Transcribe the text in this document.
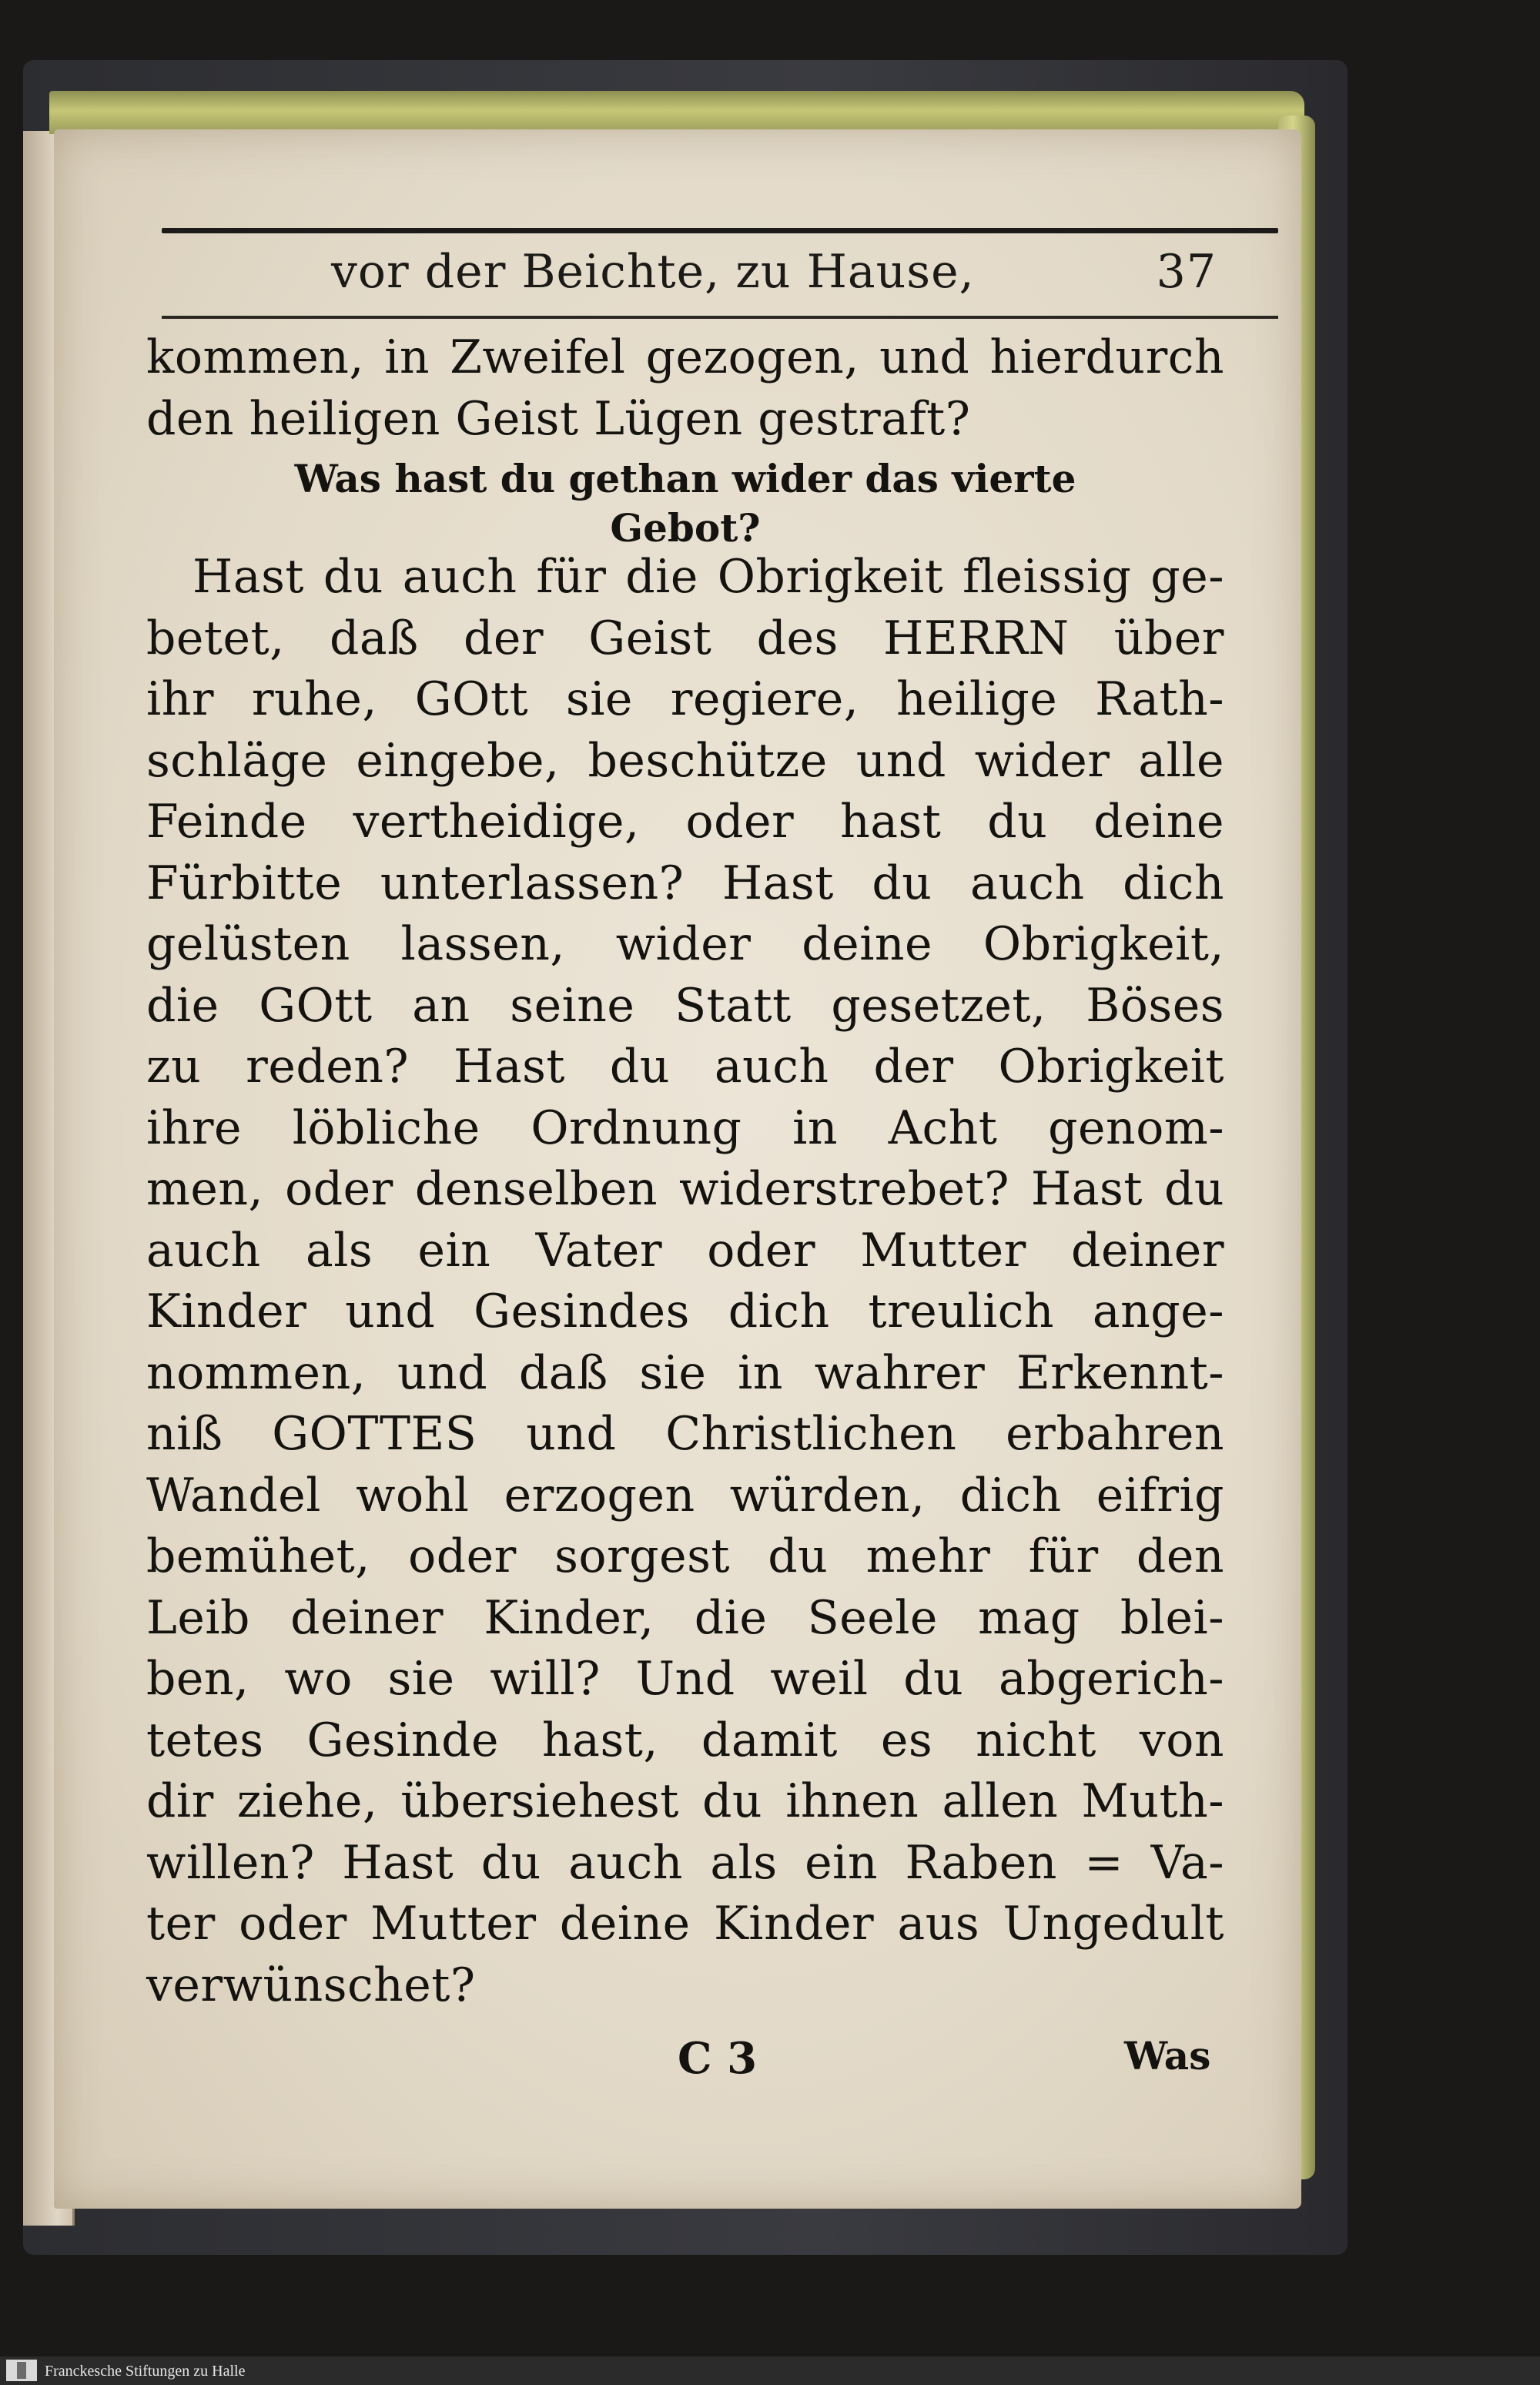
vor der Beichte, zu Hause,	37
kommen, in Zweifel gezogen, und hierdurch
den heiligen Geist Lügen gestraft?
Was hast du gethan wider das vierte
Gebot?
Hast du auch für die Obrigkeit fleissig ge-
betet, daß der Geist des HERRN über
ihr ruhe, GOtt sie regiere, heilige Rath-
schläge eingebe, beschütze und wider alle
Feinde vertheidige, oder hast du deine
Fürbitte unterlassen? Hast du auch dich
gelüsten lassen, wider deine Obrigkeit,
die GOtt an seine Statt gesetzet, Böses
zu reden? Hast du auch der Obrigkeit
ihre löbliche Ordnung in Acht genom-
men, oder denselben widerstrebet? Hast du
auch als ein Vater oder Mutter deiner
Kinder und Gesindes dich treulich ange-
nommen, und daß sie in wahrer Erkennt-
niß GOTTES und Christlichen erbahren
Wandel wohl erzogen würden, dich eifrig
bemühet, oder sorgest du mehr für den
Leib deiner Kinder, die Seele mag blei-
ben, wo sie will? Und weil du abgerich-
tetes Gesinde hast, damit es nicht von
dir ziehe, übersiehest du ihnen allen Muth-
willen? Hast du auch als ein Raben = Va-
ter oder Mutter deine Kinder aus Ungedult
verwünschet?
C 3	Was
Franckesche Stiftungen zu Halle
